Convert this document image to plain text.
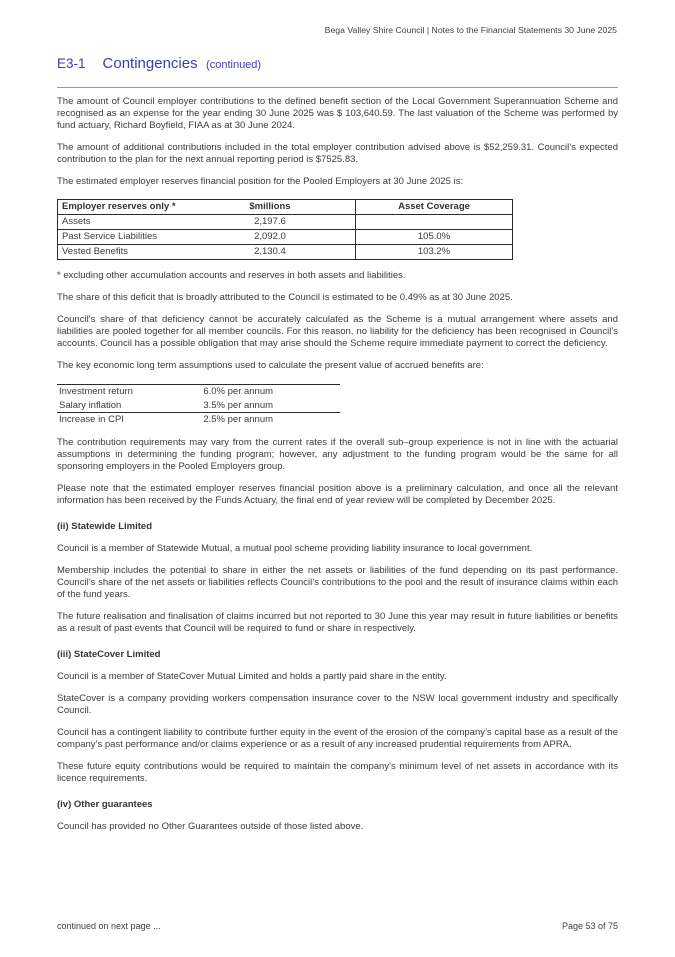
Bega Valley Shire Council | Notes to the Financial Statements 30 June 2025
E3-1 Contingencies (continued)

The amount of Council employer contributions to the defined benefit section of the Local Government Superannuation Scheme and recognised as an expense for the year ending 30 June 2025 was $ 103,640.59. The last valuation of the Scheme was performed by fund actuary, Richard Boyfield, FIAA as at 30 June 2024.

The amount of additional contributions included in the total employer contribution advised above is $52,259.31. Council’s expected contribution to the plan for the next annual reporting period is $7525.83.

The estimated employer reserves financial position for the Pooled Employers at 30 June 2025 is:

Employer reserves only *	$millions	Asset Coverage
Assets	2,197.6	
Past Service Liabilities	2,092.0	105.0%
Vested Benefits	2,130.4	103.2%

* excluding other accumulation accounts and reserves in both assets and liabilities.

The share of this deficit that is broadly attributed to the Council is estimated to be 0.49% as at 30 June 2025.

Council’s share of that deficiency cannot be accurately calculated as the Scheme is a mutual arrangement where assets and liabilities are pooled together for all member councils. For this reason, no liability for the deficiency has been recognised in Council’s accounts. Council has a possible obligation that may arise should the Scheme require immediate payment to correct the deficiency.

The key economic long term assumptions used to calculate the present value of accrued benefits are:

Investment return	6.0% per annum
Salary inflation	3.5% per annum
Increase in CPI	2.5% per annum

The contribution requirements may vary from the current rates if the overall sub–group experience is not in line with the actuarial assumptions in determining the funding program; however, any adjustment to the funding program would be the same for all sponsoring employers in the Pooled Employers group.

Please note that the estimated employer reserves financial position above is a preliminary calculation, and once all the relevant information has been received by the Funds Actuary, the final end of year review will be completed by December 2025.

(ii) Statewide Limited

Council is a member of Statewide Mutual, a mutual pool scheme providing liability insurance to local government.

Membership includes the potential to share in either the net assets or liabilities of the fund depending on its past performance. Council’s share of the net assets or liabilities reflects Council’s contributions to the pool and the result of insurance claims within each of the fund years.

The future realisation and finalisation of claims incurred but not reported to 30 June this year may result in future liabilities or benefits as a result of past events that Council will be required to fund or share in respectively.

(iii) StateCover Limited

Council is a member of StateCover Mutual Limited and holds a partly paid share in the entity.

StateCover is a company providing workers compensation insurance cover to the NSW local government industry and specifically Council.

Council has a contingent liability to contribute further equity in the event of the erosion of the company’s capital base as a result of the company’s past performance and/or claims experience or as a result of any increased prudential requirements from APRA.

These future equity contributions would be required to maintain the company’s minimum level of net assets in accordance with its licence requirements.

(iv) Other guarantees

Council has provided no Other Guarantees outside of those listed above.

continued on next page ...	Page 53 of 75
